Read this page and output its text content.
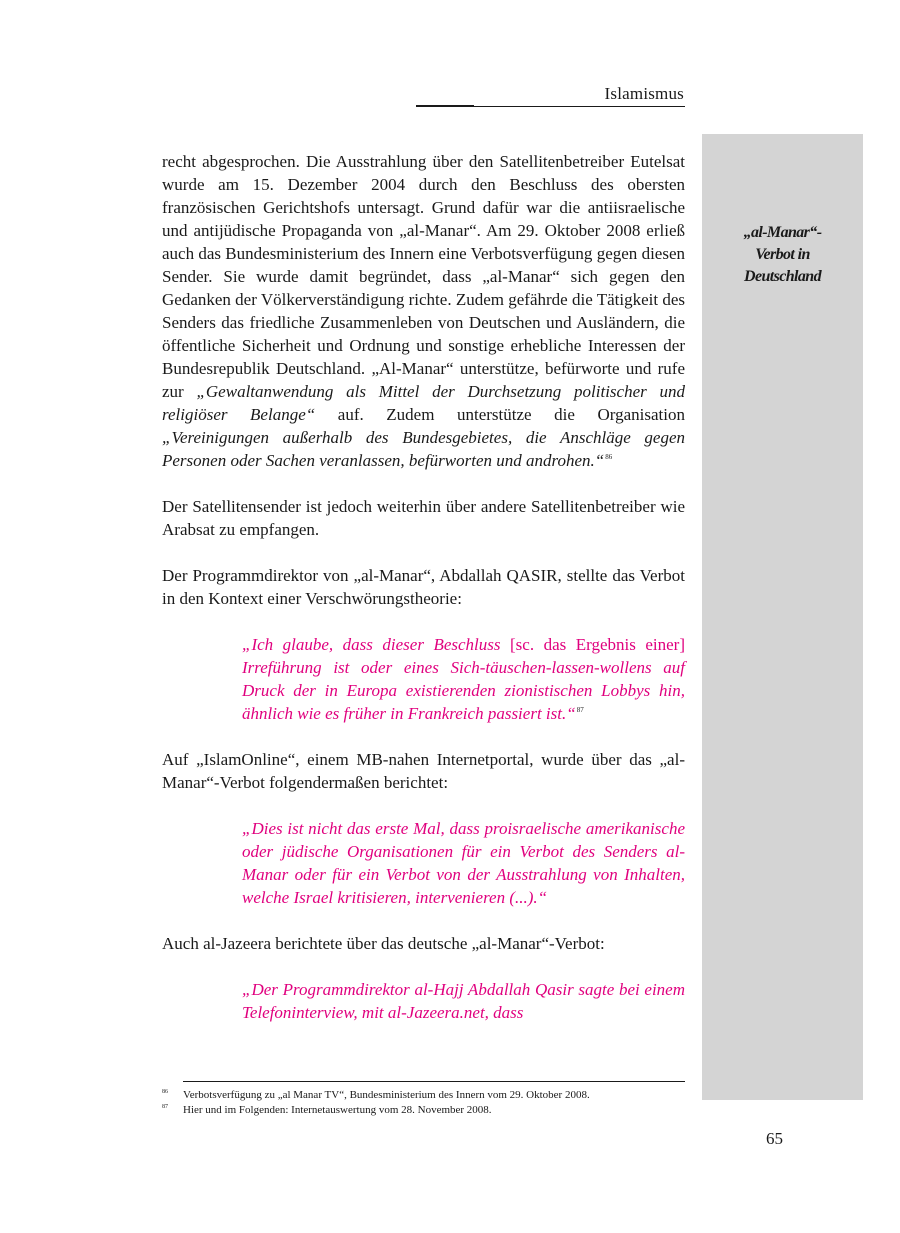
Islamismus
„al-Manar“-
Verbot in
Deutschland

recht abgesprochen. Die Ausstrahlung über den Satellitenbetreiber Eutelsat wurde am 15. Dezember 2004 durch den Beschluss des obersten französischen Gerichtshofs untersagt. Grund dafür war die antiisraelische und antijüdische Propaganda von „al-Manar“. Am 29. Oktober 2008 erließ auch das Bundesministerium des Innern eine Verbotsverfügung gegen diesen Sender. Sie wurde damit begründet, dass „al-Manar“ sich gegen den Gedanken der Völkerverständigung richte. Zudem gefährde die Tätigkeit des Senders das friedliche Zusammenleben von Deutschen und Ausländern, die öffentliche Sicherheit und Ordnung und sonstige erhebliche Interessen der Bundesrepublik Deutschland. „Al-Manar“ unterstütze, befürworte und rufe zur „Gewaltanwendung als Mittel der Durchsetzung politischer und religiöser Belange“ auf. Zudem unterstütze die Organisation „Vereinigungen außerhalb des Bundesgebietes, die Anschläge gegen Personen oder Sachen veranlassen, befürworten und androhen.“$^{86}$

Der Satellitensender ist jedoch weiterhin über andere Satellitenbetreiber wie Arabsat zu empfangen.

Der Programmdirektor von „al-Manar“, Abdallah QASIR, stellte das Verbot in den Kontext einer Verschwörungstheorie:

„Ich glaube, dass dieser Beschluss [sc. das Ergebnis einer] Irreführung ist oder eines Sich-täuschen-lassen-wollens auf Druck der in Europa existierenden zionistischen Lobbys hin, ähnlich wie es früher in Frankreich passiert ist.“$^{87}$

Auf „IslamOnline“, einem MB-nahen Internetportal, wurde über das „al-Manar“-Verbot folgendermaßen berichtet:

„Dies ist nicht das erste Mal, dass proisraelische amerikanische oder jüdische Organisationen für ein Verbot des Senders al-Manar oder für ein Verbot von der Ausstrahlung von Inhalten, welche Israel kritisieren, intervenieren (...).“

Auch al-Jazeera berichtete über das deutsche „al-Manar“-Verbot:

„Der Programmdirektor al-Hajj Abdallah Qasir sagte bei einem Telefoninterview, mit al-Jazeera.net, dass

86 Verbotsverfügung zu „al Manar TV“, Bundesministerium des Innern vom 29. Oktober 2008.
87 Hier und im Folgenden: Internetauswertung vom 28. November 2008.
65
